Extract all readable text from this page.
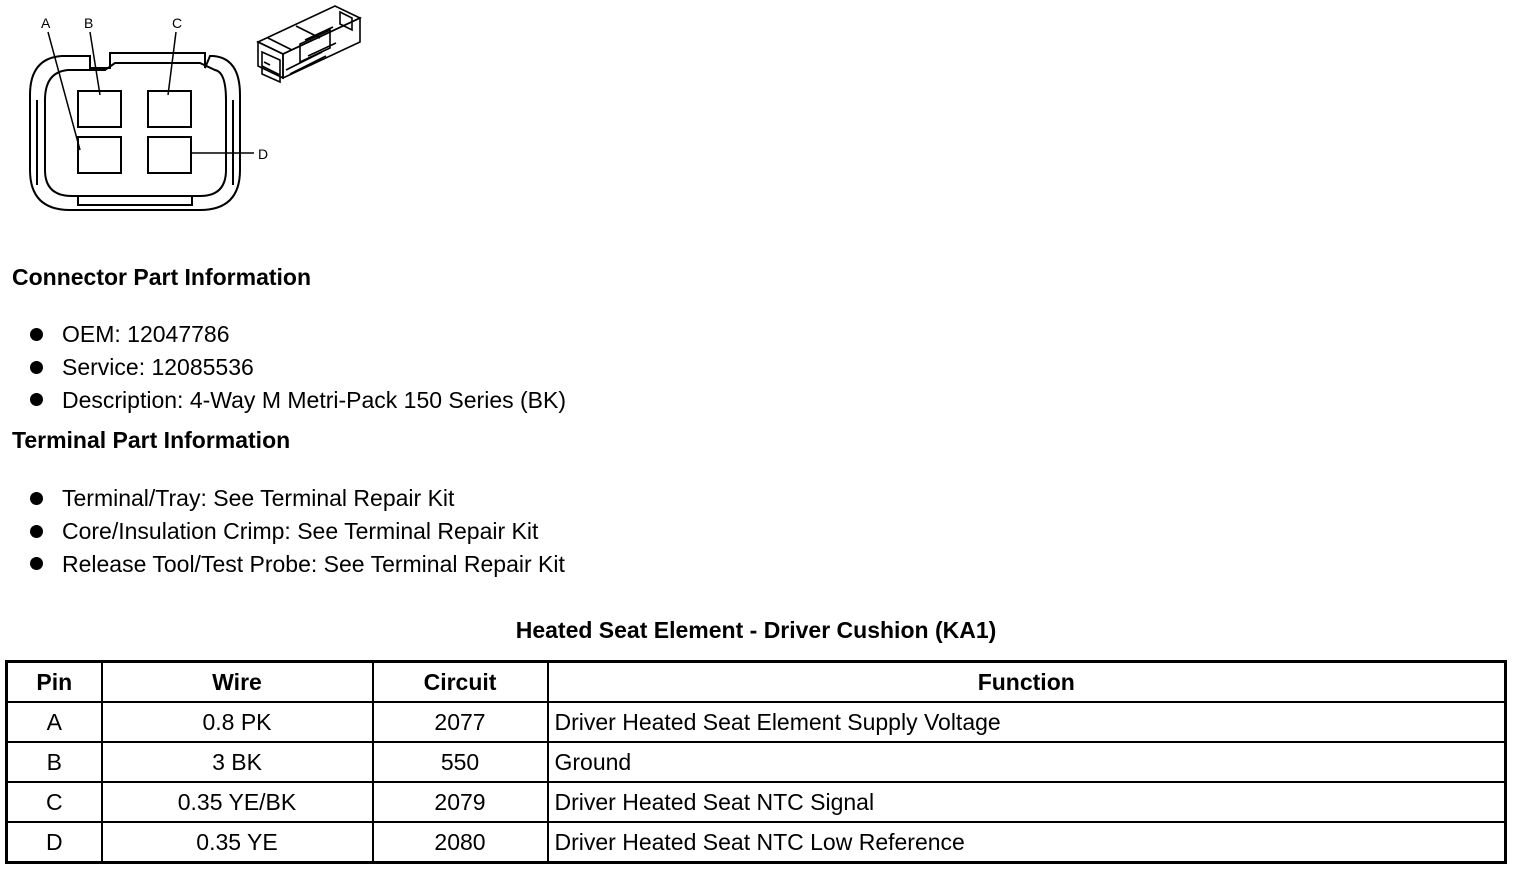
A B	C
D
Connector Part Information
OEM: 12047786
Service: 12085536
Description: 4-Way M Metri-Pack 150 Series (BK)
Terminal Part Information
Terminal/Tray: See Terminal Repair Kit
Core/Insulation Crimp: See Terminal Repair Kit
Release Tool/Test Probe: See Terminal Repair Kit
Heated Seat Element - Driver Cushion (KA1)
Pin	Wire	Circuit	Function
A	0.8 PK	2077	Driver Heated Seat Element Supply Voltage
B	3 BK	550	Ground
C	0.35 YE/BK	2079	Driver Heated Seat NTC Signal
D	0.35 YE	2080	Driver Heated Seat NTC Low Reference
